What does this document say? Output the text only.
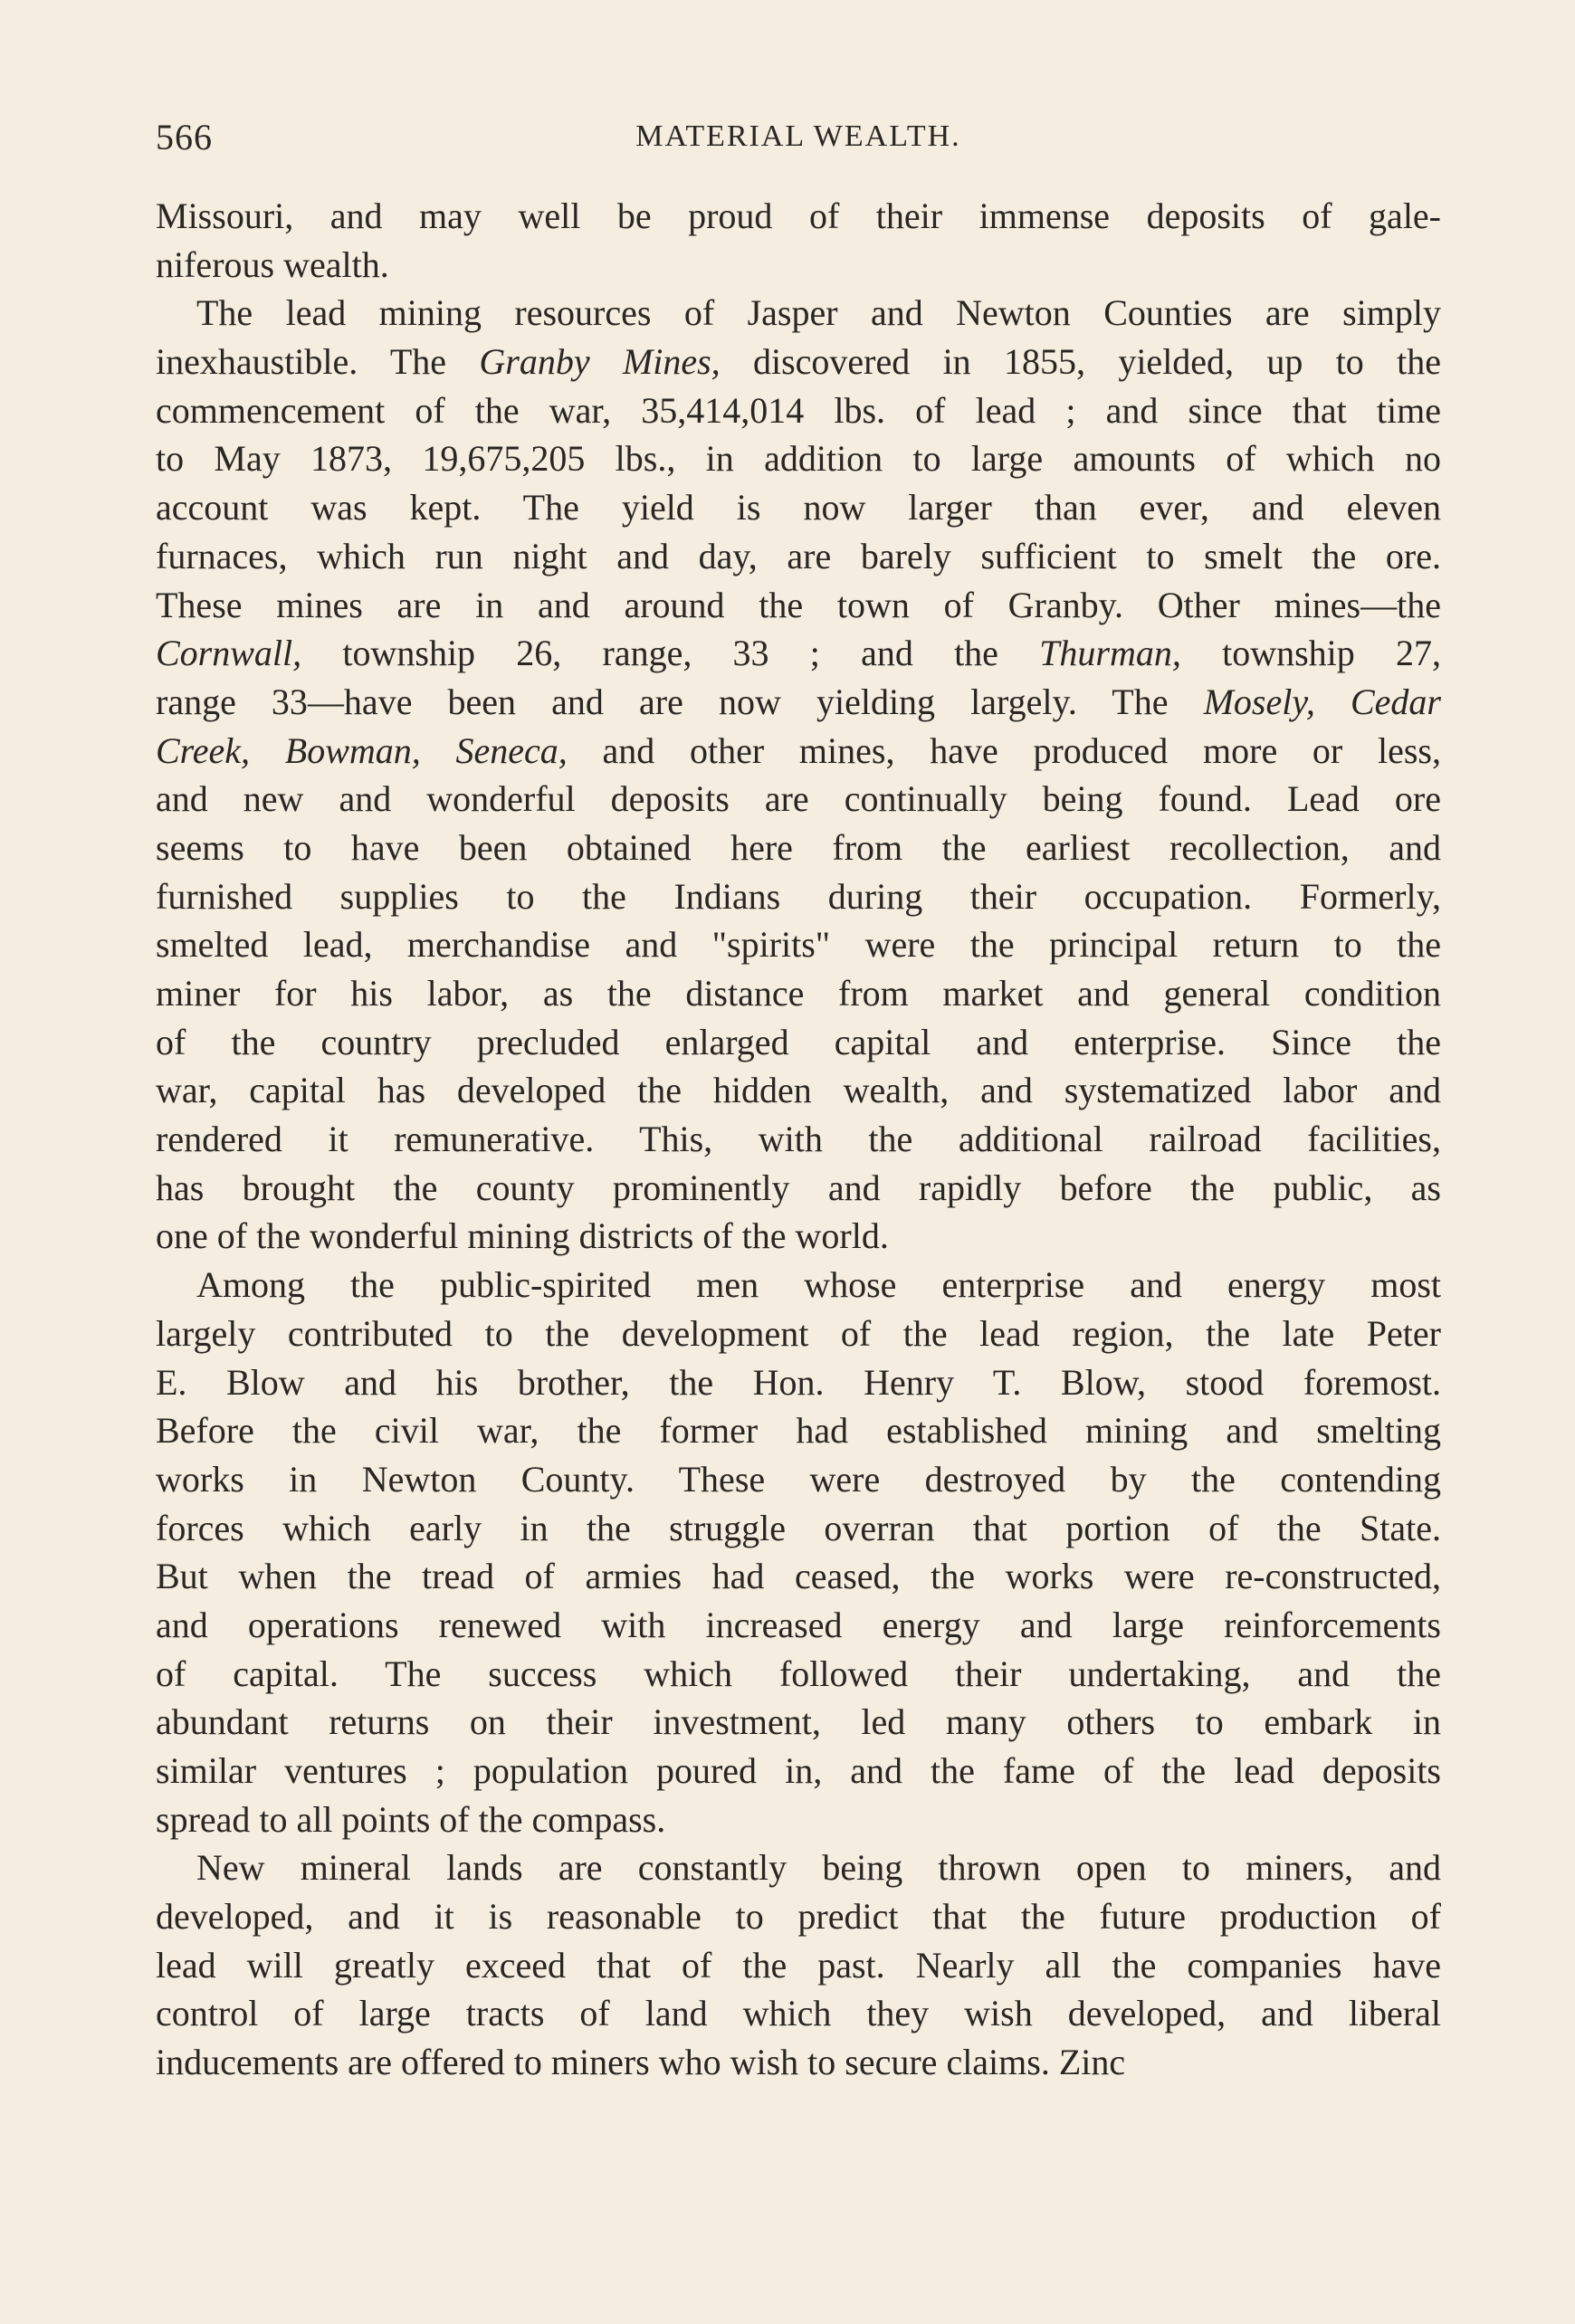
566	MATERIAL WEALTH.
Missouri, and may well be proud of their immense deposits of gale-
niferous wealth.
The lead mining resources of Jasper and Newton Counties are simply
inexhaustible. The Granby Mines, discovered in 1855, yielded, up to the
commencement of the war, 35,414,014 lbs. of lead ; and since that time
to May 1873, 19,675,205 lbs., in addition to large amounts of which no
account was kept. The yield is now larger than ever, and eleven
furnaces, which run night and day, are barely sufficient to smelt the ore.
These mines are in and around the town of Granby. Other mines—the
Cornwall, township 26, range, 33 ; and the Thurman, township 27,
range 33—have been and are now yielding largely. The Mosely, Cedar
Creek, Bowman, Seneca, and other mines, have produced more or less,
and new and wonderful deposits are continually being found. Lead ore
seems to have been obtained here from the earliest recollection, and
furnished supplies to the Indians during their occupation. Formerly,
smelted lead, merchandise and "spirits" were the principal return to the
miner for his labor, as the distance from market and general condition
of the country precluded enlarged capital and enterprise. Since the
war, capital has developed the hidden wealth, and systematized labor and
rendered it remunerative. This, with the additional railroad facilities,
has brought the county prominently and rapidly before the public, as
one of the wonderful mining districts of the world.
Among the public-spirited men whose enterprise and energy most
largely contributed to the development of the lead region, the late Peter
E. Blow and his brother, the Hon. Henry T. Blow, stood foremost.
Before the civil war, the former had established mining and smelting
works in Newton County. These were destroyed by the contending
forces which early in the struggle overran that portion of the State.
But when the tread of armies had ceased, the works were re-constructed,
and operations renewed with increased energy and large reinforcements
of capital. The success which followed their undertaking, and the
abundant returns on their investment, led many others to embark in
similar ventures ; population poured in, and the fame of the lead deposits
spread to all points of the compass.
New mineral lands are constantly being thrown open to miners, and
developed, and it is reasonable to predict that the future production of
lead will greatly exceed that of the past. Nearly all the companies have
control of large tracts of land which they wish developed, and liberal
inducements are offered to miners who wish to secure claims. Zinc
